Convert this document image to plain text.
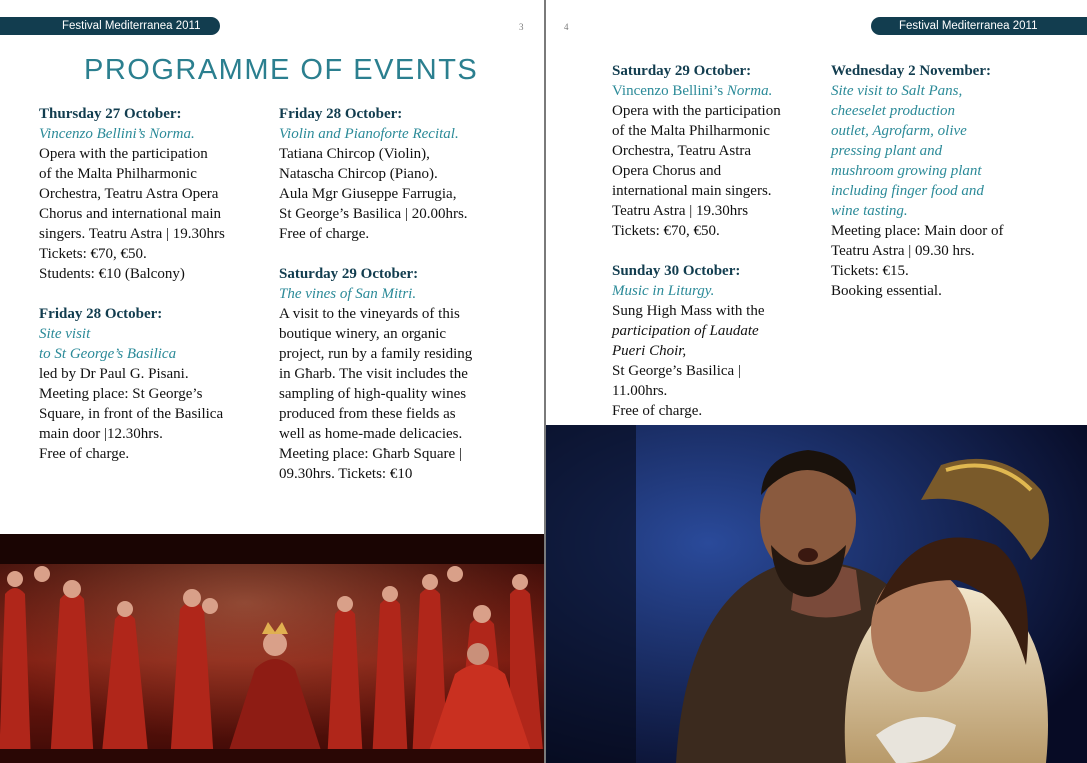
Festival Mediterranea 2011	3
PROGRAMME OF EVENTS
Thursday 27 October:
Vincenzo Bellini’s Norma.
Opera with the participation
of the Malta Philharmonic
Orchestra, Teatru Astra Opera
Chorus and international main
singers. Teatru Astra | 19.30hrs
Tickets: €70, €50.
Students: €10 (Balcony)
Friday 28 October:
Site visit
to St George’s Basilica
led by Dr Paul G. Pisani.
Meeting place: St George’s
Square, in front of the Basilica
main door |12.30hrs.
Free of charge.
Friday 28 October:
Violin and Pianoforte Recital.
Tatiana Chircop (Violin),
Natascha Chircop (Piano).
Aula Mgr Giuseppe Farrugia,
St George’s Basilica | 20.00hrs.
Free of charge.
Saturday 29 October:
The vines of San Mitri.
A visit to the vineyards of this
boutique winery, an organic
project, run by a family residing
in Għarb. The visit includes the
sampling of high-quality wines
produced from these fields as
well as home-made delicacies.
Meeting place: Għarb Square |
09.30hrs. Tickets: €10
4	Festival Mediterranea 2011
Saturday 29 October:
Vincenzo Bellini’s Norma.
Opera with the participation
of the Malta Philharmonic
Orchestra, Teatru Astra
Opera Chorus and
international main singers.
Teatru Astra | 19.30hrs
Tickets: €70, €50.
Sunday 30 October:
Music in Liturgy.
Sung High Mass with the
participation of Laudate
Pueri Choir,
St George’s Basilica |
11.00hrs.
Free of charge.
Wednesday 2 November:
Site visit to Salt Pans,
cheeselet production
outlet, Agrofarm, olive
pressing plant and
mushroom growing plant
including finger food and
wine tasting.
Meeting place: Main door of
Teatru Astra | 09.30 hrs.
Tickets: €15.
Booking essential.
